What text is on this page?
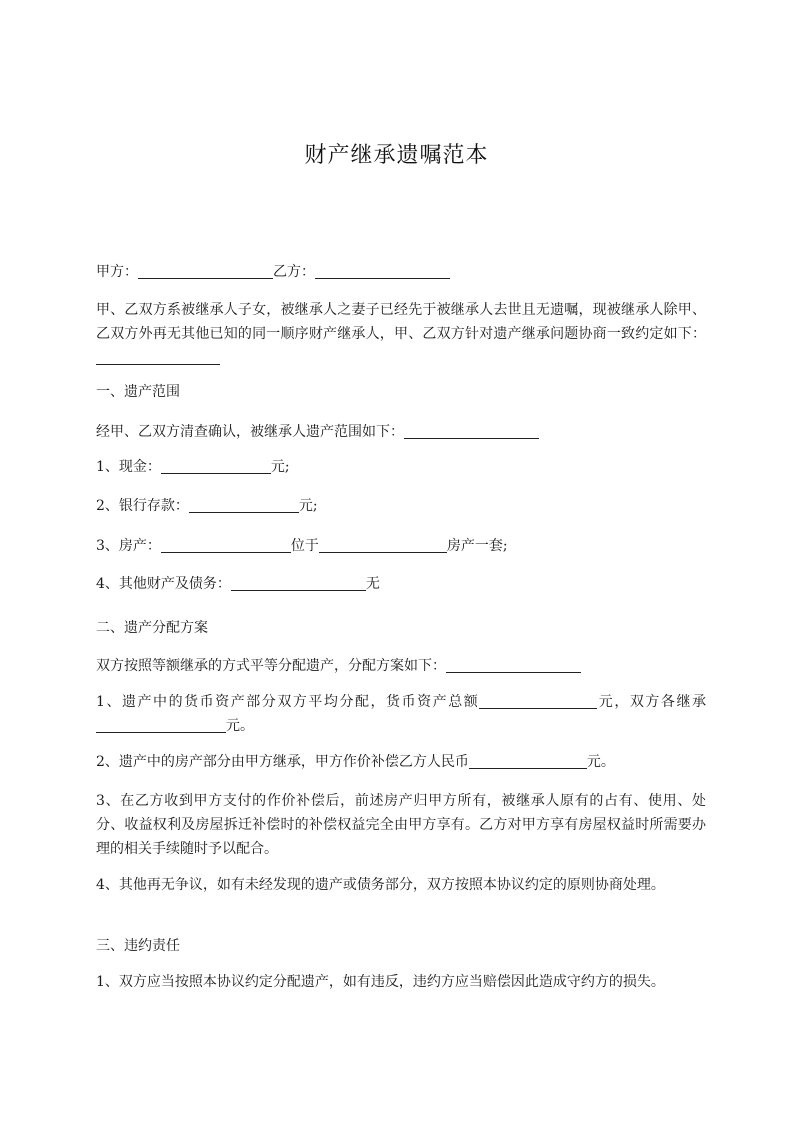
财产继承遗嘱范本
甲方：	乙方：
甲、乙双方系被继承人子女，被继承人之妻子已经先于被继承人去世且无遗嘱，现被继承人除甲、乙双方外再无其他已知的同一顺序财产继承人，甲、乙双方针对遗产继承问题协商一致约定如下：
一、遗产范围
经甲、乙双方清查确认，被继承人遗产范围如下：
1、现金：	元;
2、银行存款：	元;
3、房产：	位于	房产一套;
4、其他财产及债务：	无
二、遗产分配方案
双方按照等额继承的方式平等分配遗产，分配方案如下：
1、遗产中的货币资产部分双方平均分配，货币资产总额	元，双方各继承元。
2、遗产中的房产部分由甲方继承，甲方作价补偿乙方人民币	元。
3、在乙方收到甲方支付的作价补偿后，前述房产归甲方所有，被继承人原有的占有、使用、处分、收益权利及房屋拆迁补偿时的补偿权益完全由甲方享有。乙方对甲方享有房屋权益时所需要办理的相关手续随时予以配合。
4、其他再无争议，如有未经发现的遗产或债务部分，双方按照本协议约定的原则协商处理。
三、违约责任
1、双方应当按照本协议约定分配遗产，如有违反，违约方应当赔偿因此造成守约方的损失。
